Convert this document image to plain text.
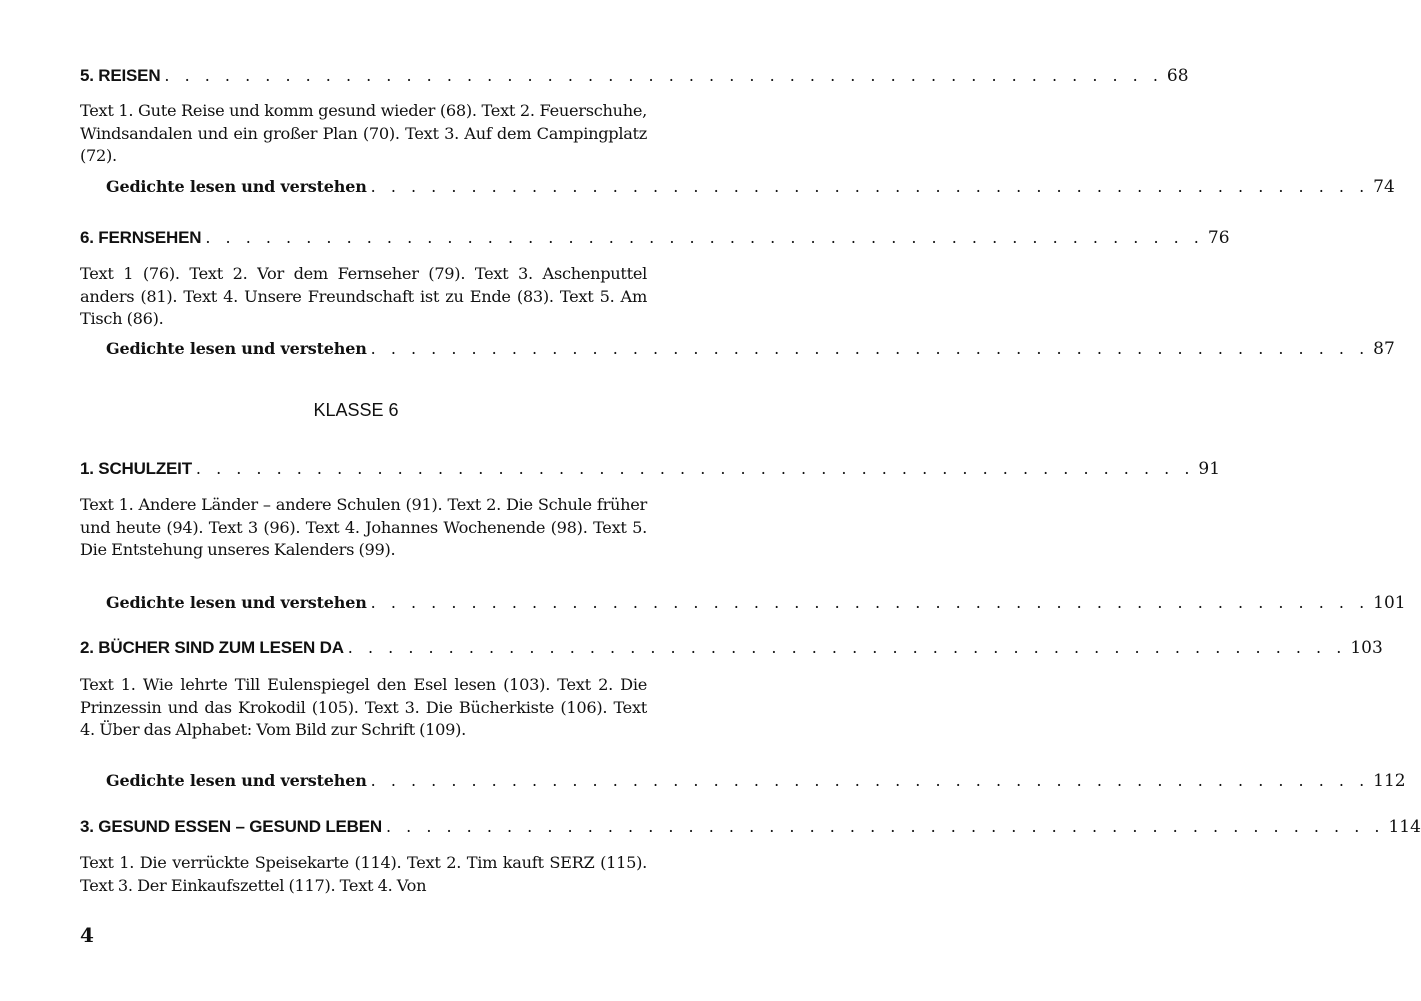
5. REISEN . . . . . . . . . . . . . . . . . . . . . . . . . . . . . . . . . . . . . . . . . . . . . . . . . . 68

Text 1. Gute Reise und komm gesund wieder (68). Text 2. Feuerschuhe, Windsandalen und ein großer Plan (70). Text 3. Auf dem Campingplatz (72).

Gedichte lesen und verstehen . . . . . . . . . . . . . . . . . . . . . . . . . . . . . . . . . . . . . . . . . . . . . . . . . . 74
6. FERNSEHEN . . . . . . . . . . . . . . . . . . . . . . . . . . . . . . . . . . . . . . . . . . . . . . . . . . 76

Text 1 (76). Text 2. Vor dem Fernseher (79). Text 3. Aschenputtel anders (81). Text 4. Unsere Freundschaft ist zu Ende (83). Text 5. Am Tisch (86).

Gedichte lesen und verstehen . . . . . . . . . . . . . . . . . . . . . . . . . . . . . . . . . . . . . . . . . . . . . . . . . . 87
KLASSE 6
1. SCHULZEIT . . . . . . . . . . . . . . . . . . . . . . . . . . . . . . . . . . . . . . . . . . . . . . . . . . 91

Text 1. Andere Länder – andere Schulen (91). Text 2. Die Schule früher und heute (94). Text 3 (96). Text 4. Johannes Wochenende (98). Text 5. Die Entstehung unseres Kalenders (99).

Gedichte lesen und verstehen . . . . . . . . . . . . . . . . . . . . . . . . . . . . . . . . . . . . . . . . . . . . . . . . . . 101
2. BÜCHER SIND ZUM LESEN DA . . . . . . . . . . . . . . . . . . . . . . . . . . . . . . . . . . . . . . . . . . . . . . . . . . 103

Text 1. Wie lehrte Till Eulenspiegel den Esel lesen (103). Text 2. Die Prinzessin und das Krokodil (105). Text 3. Die Bücherkiste (106). Text 4. Über das Alphabet: Vom Bild zur Schrift (109).

Gedichte lesen und verstehen . . . . . . . . . . . . . . . . . . . . . . . . . . . . . . . . . . . . . . . . . . . . . . . . . . 112
3. GESUND ESSEN – GESUND LEBEN . . . . . . . . . . . . . . . . . . . . . . . . . . . . . . . . . . . . . . . . . . . . . . . . . . 114

Text 1. Die verrückte Speisekarte (114). Text 2. Tim kauft SERZ (115). Text 3. Der Einkaufszettel (117). Text 4. Von

4
